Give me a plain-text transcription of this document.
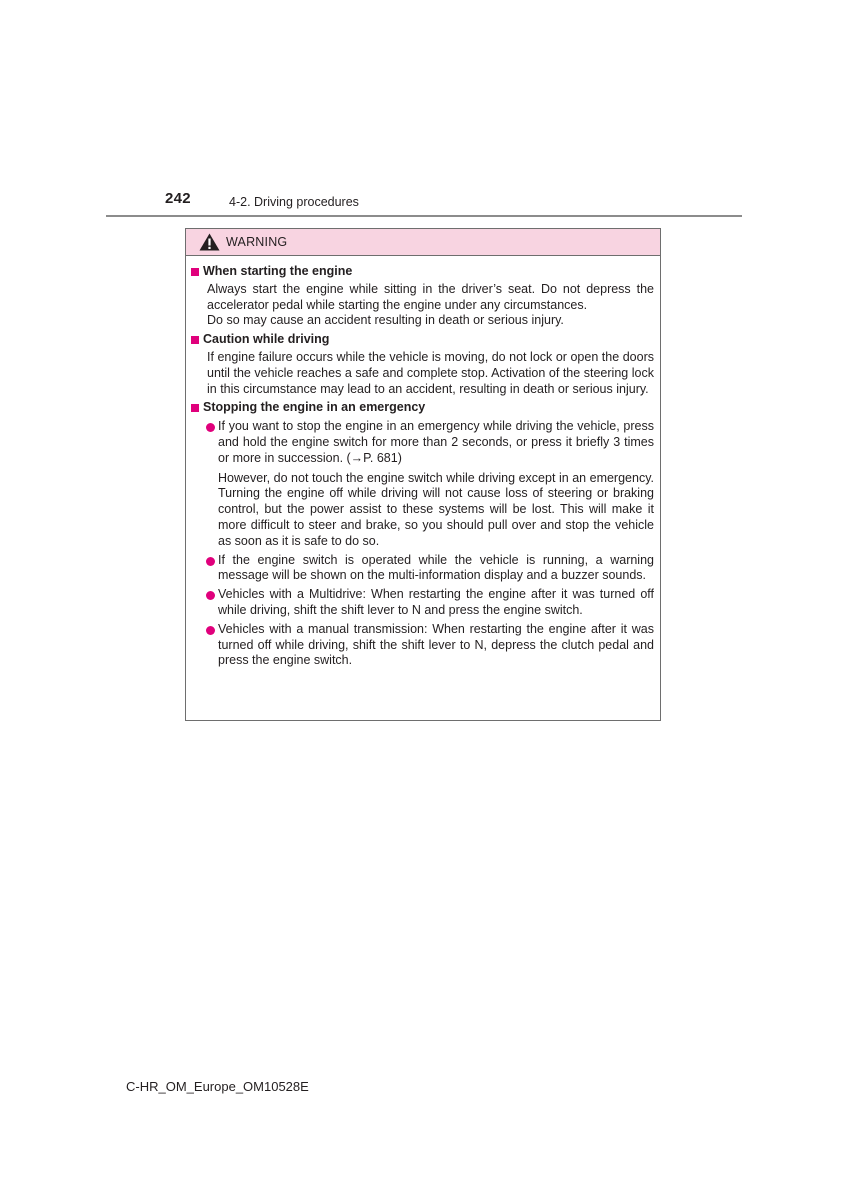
242	4-2. Driving procedures
WARNING
When starting the engine
Always start the engine while sitting in the driver’s seat. Do not depress the accelerator pedal while starting the engine under any circumstances.
Do so may cause an accident resulting in death or serious injury.
Caution while driving
If engine failure occurs while the vehicle is moving, do not lock or open the doors until the vehicle reaches a safe and complete stop. Activation of the steering lock in this circumstance may lead to an accident, resulting in death or serious injury.
Stopping the engine in an emergency
If you want to stop the engine in an emergency while driving the vehicle, press and hold the engine switch for more than 2 seconds, or press it briefly 3 times or more in succession. (→P. 681)
However, do not touch the engine switch while driving except in an emergency. Turning the engine off while driving will not cause loss of steering or braking control, but the power assist to these systems will be lost. This will make it more difficult to steer and brake, so you should pull over and stop the vehicle as soon as it is safe to do so.
If the engine switch is operated while the vehicle is running, a warning message will be shown on the multi-information display and a buzzer sounds.
Vehicles with a Multidrive: When restarting the engine after it was turned off while driving, shift the shift lever to N and press the engine switch.
Vehicles with a manual transmission: When restarting the engine after it was turned off while driving, shift the shift lever to N, depress the clutch pedal and press the engine switch.
C-HR_OM_Europe_OM10528E
